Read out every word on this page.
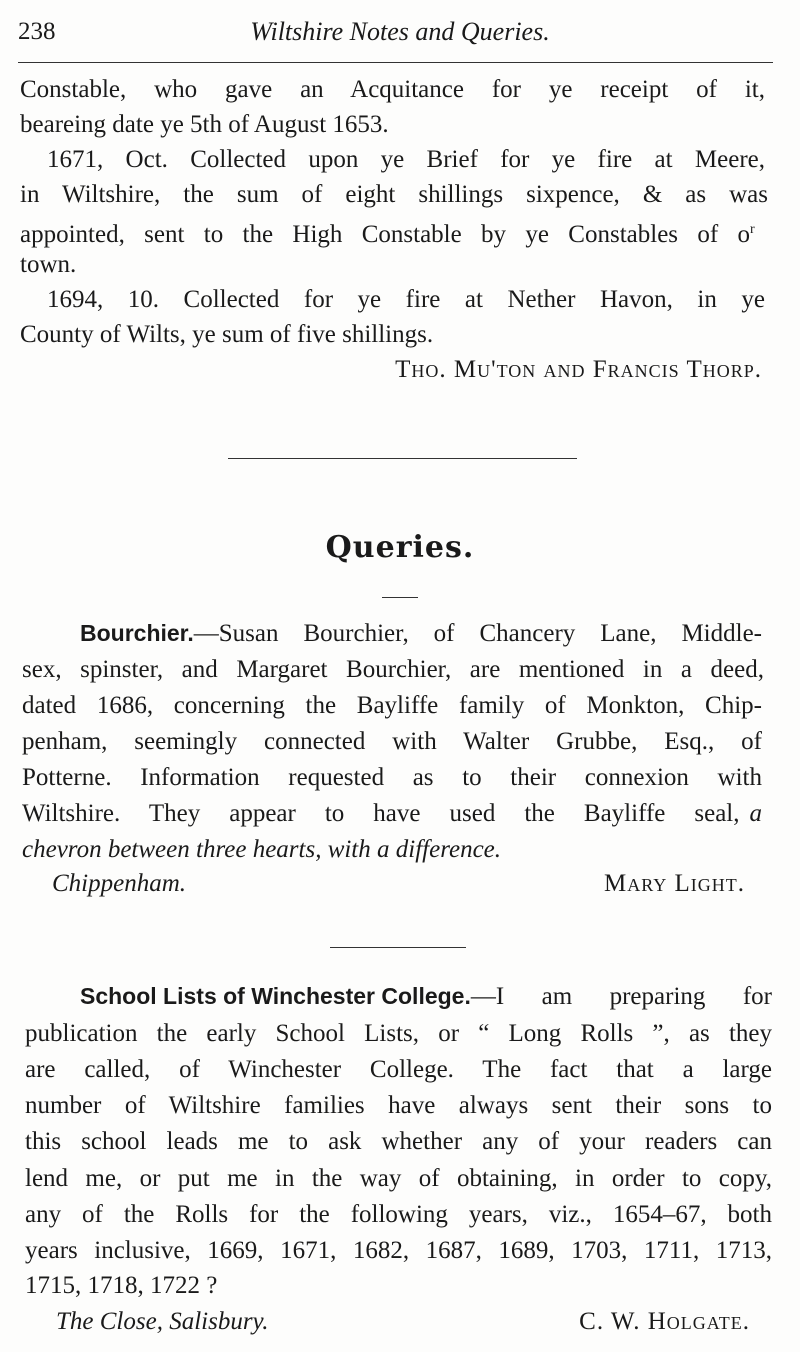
238	Wiltshire Notes and Queries.
Constable, who gave an Acquitance for ye receipt of it,
beareing date ye 5th of August 1653.
1671, Oct. Collected upon ye Brief for ye fire at Meere,
in Wiltshire, the sum of eight shillings sixpence, & as was
appointed, sent to the High Constable by ye Constables of $o^r$
town.
1694, 10. Collected for ye fire at Nether Havon, in ye
County of Wilts, ye sum of five shillings.
Tho. Mu'ton and Francis Thorp.
Queries.
Bourchier. —Susan Bourchier, of Chancery Lane, Middle-
sex, spinster, and Margaret Bourchier, are mentioned in a deed,
dated 1686, concerning the Bayliffe family of Monkton, Chip-
penham, seemingly connected with Walter Grubbe, Esq., of
Potterne. Information requested as to their connexion with
Wiltshire. They appear to have used the Bayliffe seal, a
chevron between three hearts, with a difference.
Chippenham.	Mary Light.
School Lists of Winchester College. —I am preparing for
publication the early School Lists, or “ Long Rolls ”, as they
are called, of Winchester College. The fact that a large
number of Wiltshire families have always sent their sons to
this school leads me to ask whether any of your readers can
lend me, or put me in the way of obtaining, in order to copy,
any of the Rolls for the following years, viz., 1654–67, both
years inclusive, 1669, 1671, 1682, 1687, 1689, 1703, 1711, 1713,
1715, 1718, 1722 ?
The Close, Salisbury.	C. W. Holgate.
